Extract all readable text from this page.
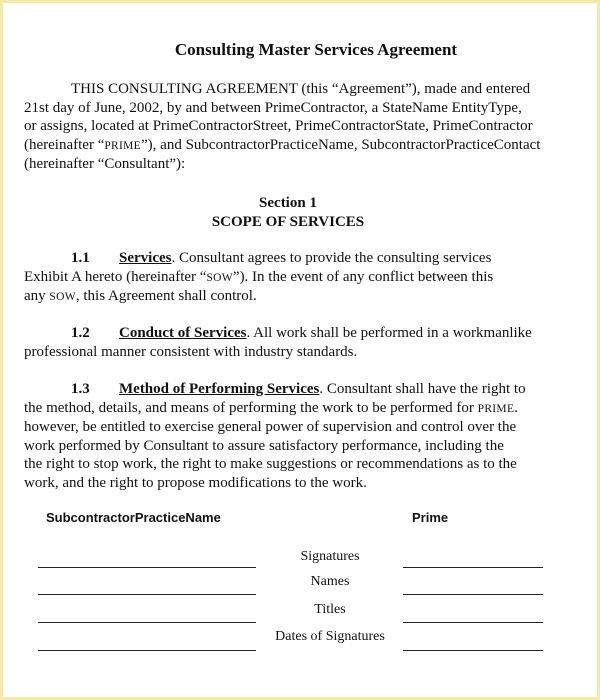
Consulting Master Services Agreement
THIS CONSULTING AGREEMENT (this “Agreement”), made and entered
21st day of June, 2002, by and between PrimeContractor, a StateName EntityType,
or assigns, located at PrimeContractorStreet, PrimeContractorState, PrimeContractor
(hereinafter “PRIME”), and SubcontractorPracticeName, SubcontractorPracticeContact
(hereinafter “Consultant”):
Section 1
SCOPE OF SERVICES
1.1 Services. Consultant agrees to provide the consulting services
Exhibit A hereto (hereinafter “SOW”). In the event of any conflict between this
any SOW, this Agreement shall control.
1.2 Conduct of Services. All work shall be performed in a workmanlike
professional manner consistent with industry standards.
1.3 Method of Performing Services. Consultant shall have the right to
the method, details, and means of performing the work to be performed for PRIME.
however, be entitled to exercise general power of supervision and control over the
work performed by Consultant to assure satisfactory performance, including the
the right to stop work, the right to make suggestions or recommendations as to the
work, and the right to propose modifications to the work.
SubcontractorPracticeName	Prime
Signatures
Names
Titles
Dates of Signatures
